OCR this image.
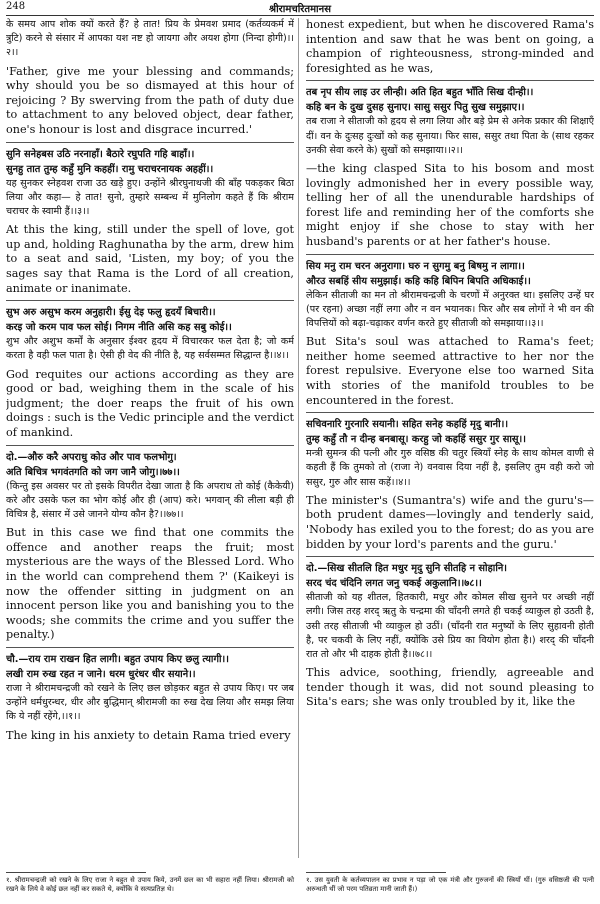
श्रीरामचरितमानस
248

के समय आप शोक क्यों करते हैं? हे तात! प्रिय के प्रेमवश प्रमाद (कर्तव्यकर्म में त्रुटि) करने से संसार में आपका यश नष्ट हो जायगा और अयश होगा (निन्दा होगी)।।२।।

'Father, give me your blessing and commands; why should you be so dismayed at this hour of rejoicing ? By swerving from the path of duty due to attachment to any beloved object, dear father, one's honour is lost and disgrace incurred.'

सुनि सनेहबस उठि नरनाहाँ। बैठारे रघुपति गहि बाहाँ।।

सुनहु तात तुम्ह कहुँ मुनि कहहीं। रामु चराचरनायक अहहीं।।

यह सुनकर स्नेहवश राजा उठ खड़े हुए। उन्होंने श्रीरघुनाथजी की बाँह पकड़कर बिठा लिया और कहा— हे तात! सुनो, तुम्हारे सम्बन्ध में मुनिलोग कहते हैं कि श्रीराम चराचर के स्वामी हैं।।३।।

At this the king, still under the spell of love, got up and, holding Raghunatha by the arm, drew him to a seat and said, 'Listen, my boy; of you the sages say that Rama is the Lord of all creation, animate or inanimate.

सुभ अरु असुभ करम अनुहारी। ईसु देइ फलु हृदयँ बिचारी।।

करइ जो करम पाव फल सोई। निगम नीति असि कह सबु कोई।।

शुभ और अशुभ कर्मों के अनुसार ईश्वर हृदय में विचारकर फल देता है; जो कर्म करता है वही फल पाता है। ऐसी ही वेद की नीति है, यह सर्वसम्मत सिद्धान्त है।।४।।

God requites our actions according as they are good or bad, weighing them in the scale of his judgment; the doer reaps the fruit of his own doings : such is the Vedic principle and the verdict of mankind.

दो.—औरु करै अपराधु कोउ और पाव फलभोगु।

अति बिचित्र भगवंतगति को जग जानै जोगु।।७७।।

(किन्तु इस अवसर पर तो इसके विपरीत देखा जाता है कि अपराध तो कोई (कैकेयी) करे और उसके फल का भोग कोई और ही (आप) करे। भगवान्‌ की लीला बड़ी ही विचित्र है, संसार में उसे जानने योग्य कौन है?।।७७।।

But in this case we find that one commits the offence and another reaps the fruit; most mysterious are the ways of the Blessed Lord. Who in the world can comprehend them ?' (Kaikeyi is now the offender sitting in judgment on an innocent person like you and banishing you to the woods; she commits the crime and you suffer the penalty.)

चौ.—राय राम राखन हित लागी। बहुत उपाय किए छलु त्यागी।।

लखी राम रुख रहत न जाने। धरम धुरंधर धीर सयाने।।

राजा ने श्रीरामचन्द्रजी को रखने के लिए छल छोड़कर बहुत से उपाय किए। पर जब उन्होंने धर्मधुरन्धर, धीर और बुद्धिमान्‌ श्रीरामजी का रुख देख लिया और समझ लिया कि ये नहीं रहेंगे,।।१।।

The king in his anxiety to detain Rama tried every

honest expedient, but when he discovered Rama's intention and saw that he was bent on going, a champion of righteousness, strong-minded and foresighted as he was,

तब नृप सीय लाइ उर लीन्ही। अति हित बहुत भाँति सिख दीन्ही।।

कहि बन के दुख दुसह सुनाए। सासु ससुर पितु सुख समुझाए।।

तब राजा ने सीताजी को हृदय से लगा लिया और बड़े प्रेम से अनेक प्रकार की शिक्षाएँ दीं। वन के दुःसह दुःखों को कह सुनाया। फिर सास, ससुर तथा पिता के (साथ रहकर उनकी सेवा करने के) सुखों को समझाया।।२।।

—the king clasped Sita to his bosom and most lovingly admonished her in every possible way, telling her of all the unendurable hardships of forest life and reminding her of the comforts she might enjoy if she chose to stay with her husband's parents or at her father's house.

सिय मनु राम चरन अनुरागा। घरु न सुगमु बनु बिषमु न लागा।।

औरउ सबहिं सीय समुझाई। कहि कहि बिपिन बिपति अधिकाई।।

लेकिन सीताजी का मन तो श्रीरामचन्द्रजी के चरणों में अनुरक्त था। इसलिए उन्हें घर (पर रहना) अच्छा नहीं लगा और न वन भयानक। फिर और सब लोगों ने भी वन की विपत्तियों को बढ़ा-चढ़ाकर वर्णन करते हुए सीताजी को समझाया।।३।।

But Sita's soul was attached to Rama's feet; neither home seemed attractive to her nor the forest repulsive. Everyone else too warned Sita with stories of the manifold troubles to be encountered in the forest.

सचिवनारि गुरनारि सयानी। सहित सनेह कहहिं मृदु बानी।।

तुम्ह कहुँ तौ न दीन्ह बनबासू। करहु जो कहहिं ससुर गुर सासू।।

मन्त्री सुमन्त्र की पत्नी और गुरु वसिष्ठ की चतुर स्त्रियाँ स्नेह के साथ कोमल वाणी से कहती हैं कि तुमको तो (राजा ने) वनवास दिया नहीं है, इसलिए तुम वही करो जो ससुर, गुरु और सास कहें।।४।।

The minister's (Sumantra's) wife and the guru's—both prudent dames—lovingly and tenderly said, 'Nobody has exiled you to the forest; do as you are bidden by your lord's parents and the guru.'

दो.—सिख सीतलि हित मधुर मृदु सुनि सीतहि न सोहानि।

सरद चंद चंदिनि लगत जनु चकई अकुलानि।।७८।।

सीताजी को यह शीतल, हितकारी, मधुर और कोमल सीख सुनने पर अच्छी नहीं लगी। जिस तरह शरद्‌ ऋतु के चन्द्रमा की चाँदनी लगते ही चकई व्याकुल हो उठती है, उसी तरह सीताजी भी व्याकुल हो उठीं। (चाँदनी रात मनुष्यों के लिए सुहावनी होती है, पर चकवी के लिए नहीं, क्योंकि उसे प्रिय का वियोग होता है।) शरद्‌ की चाँदनी रात तो और भी दाहक होती है।।७८।।

This advice, soothing, friendly, agreeable and tender though it was, did not sound pleasing to Sita's ears; she was only troubled by it, like the

१. श्रीरामचन्द्रजी को रखने के लिए राजा ने बहुत से उपाय किये, उनमें छल का भी सहारा नहीं लिया। श्रीरामजी को रखने के लिये वे कोई छल नहीं कर सकते थे, क्योंकि वे सत्यप्रतिज्ञ थे।
१. उस युवती के कर्तव्यपालन का प्रभाव न पड़ा जो एक मंत्री और गुरुजनों की स्त्रियाँ थीं। (गुरु वसिष्ठजी की पत्नी अरुन्धती थीं जो परम पतिव्रता मानी जाती हैं।)
